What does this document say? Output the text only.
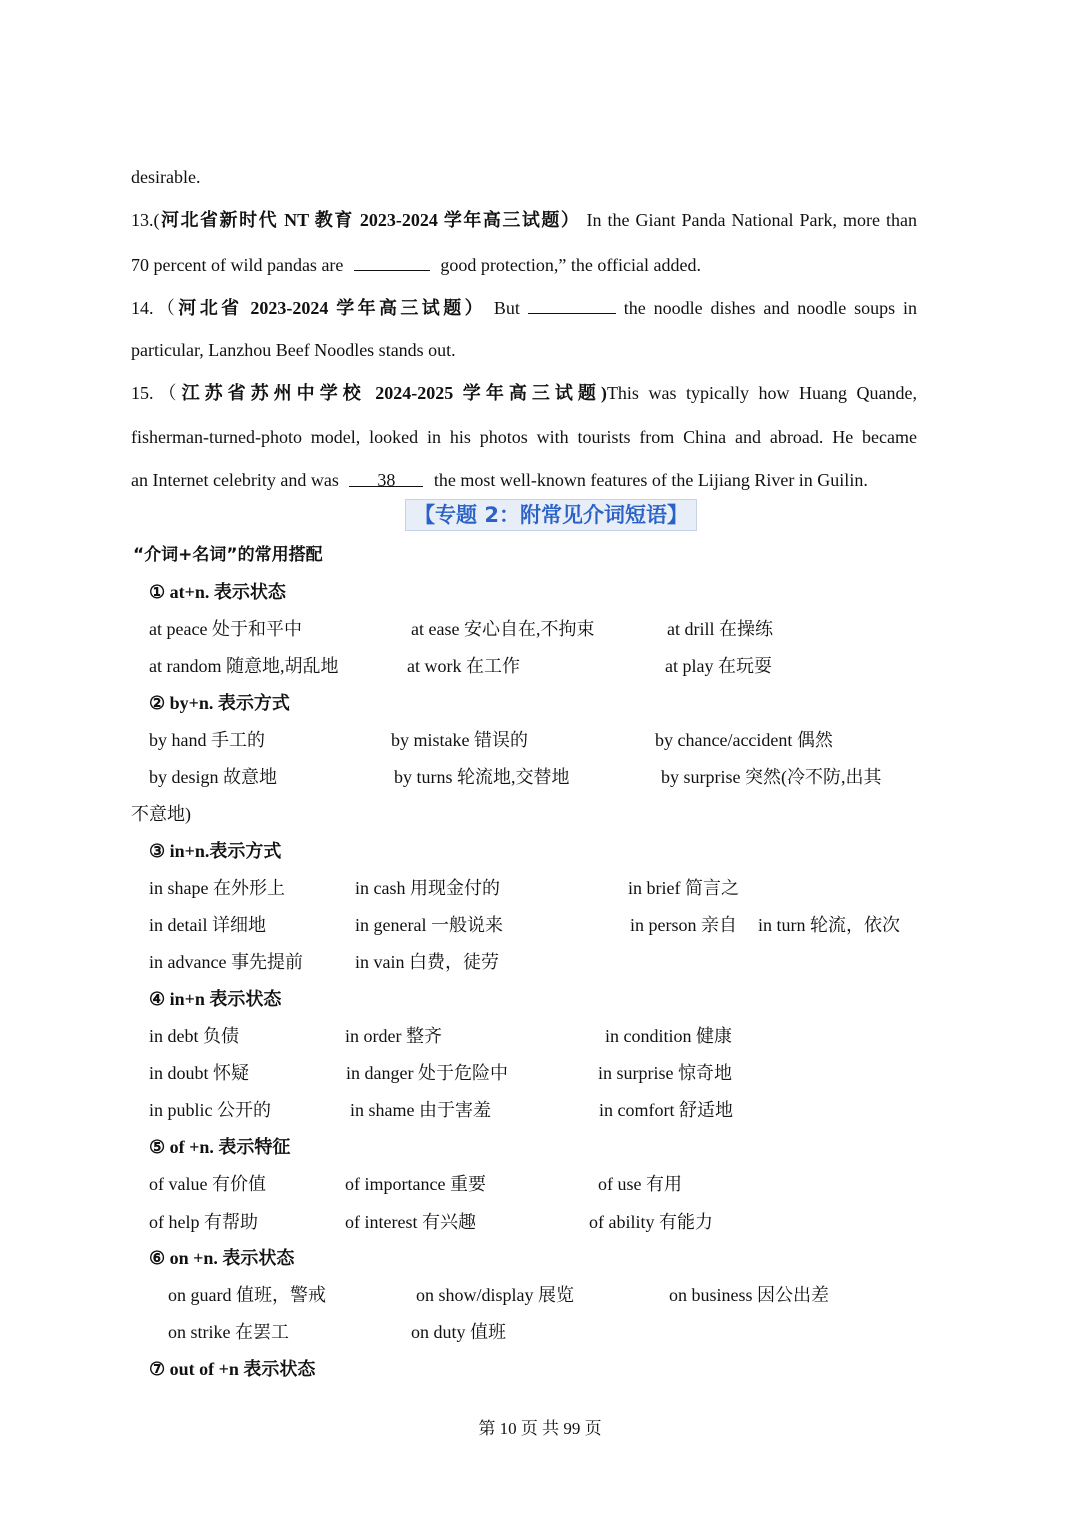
desirable.
13.(河北省新时代 NT 教育 2023-2024 学年高三试题） In the Giant Panda National Park, more than
70 percent of wild pandas are	good protection,” the official added.
14.（河北省 2023-2024 学年高三试题） But	the noodle dishes and noodle soups in
particular, Lanzhou Beef Noodles stands out.
15.（江苏省苏州中学校 2024-2025 学年高三试题)This was typically how Huang Quande,
fisherman-turned-photo model, looked in his photos with tourists from China and abroad. He became
an Internet celebrity and was 38 the most well-known features of the Lijiang River in Guilin.
【专题 2：附常见介词短语】
“介词+名词”的常用搭配
① at+n. 表示状态
at peace 处于和平中	at ease 安心自在,不拘束	at drill 在操练
at random 随意地,胡乱地	at work 在工作	at play 在玩耍
② by+n. 表示方式
by hand 手工的	by mistake 错误的	by chance/accident 偶然
by design 故意地	by turns 轮流地,交替地	by surprise 突然(冷不防,出其
不意地)
③ in+n.表示方式
in shape 在外形上	in cash 用现金付的	in brief 简言之
in detail 详细地	in general 一般说来	in person 亲自 in turn 轮流，依次
in advance 事先提前	in vain 白费，徒劳
④ in+n 表示状态
in debt 负债	in order 整齐	in condition 健康
in doubt 怀疑	in danger 处于危险中	in surprise 惊奇地
in public 公开的	in shame 由于害羞	in comfort 舒适地
⑤ of +n. 表示特征
of value 有价值	of importance 重要	of use 有用
of help 有帮助	of interest 有兴趣	of ability 有能力
⑥ on +n. 表示状态
on guard 值班，警戒	on show/display 展览	on business 因公出差
on strike 在罢工	on duty 值班
⑦ out of +n 表示状态
第 10 页 共 99 页
